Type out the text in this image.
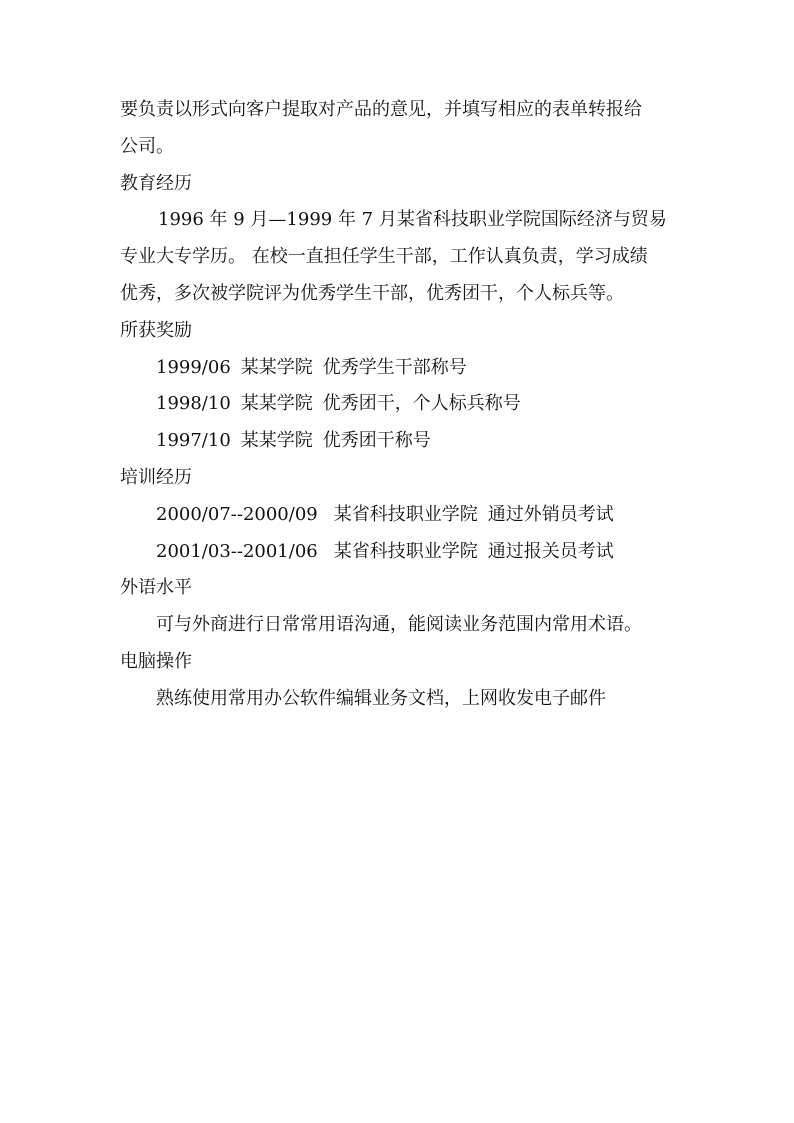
要负责以形式向客户提取对产品的意见，并填写相应的表单转报给

公司。

教育经历

1996 年 9 月—1999 年 7 月某省科技职业学院国际经济与贸易

专业大专学历。 在校一直担任学生干部，工作认真负责，学习成绩

优秀，多次被学院评为优秀学生干部，优秀团干，个人标兵等。

所获奖励

1999/06 某某学院 优秀学生干部称号

1998/10 某某学院 优秀团干，个人标兵称号

1997/10 某某学院 优秀团干称号

培训经历

2000/07--2000/09 某省科技职业学院 通过外销员考试

2001/03--2001/06 某省科技职业学院 通过报关员考试

外语水平

可与外商进行日常常用语沟通，能阅读业务范围内常用术语。

电脑操作

熟练使用常用办公软件编辑业务文档，上网收发电子邮件
